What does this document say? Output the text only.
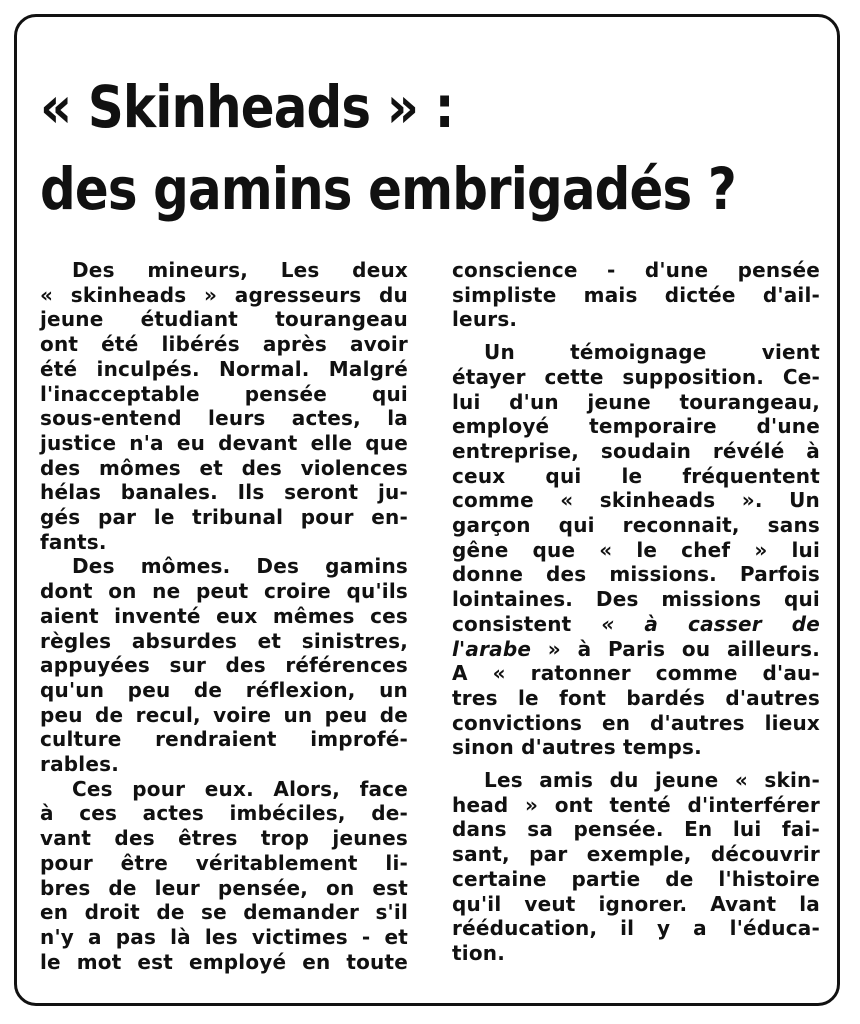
« Skinheads » :
des gamins embrigadés ?
Des mineurs, Les deux
« skinheads » agresseurs du
jeune étudiant tourangeau
ont été libérés après avoir
été inculpés. Normal. Malgré
l'inacceptable pensée qui
sous-entend leurs actes, la
justice n'a eu devant elle que
des mômes et des violences
hélas banales. Ils seront ju-
gés par le tribunal pour en-
fants.
Des mômes. Des gamins
dont on ne peut croire qu'ils
aient inventé eux mêmes ces
règles absurdes et sinistres,
appuyées sur des références
qu'un peu de réflexion, un
peu de recul, voire un peu de
culture rendraient improfé-
rables.
Ces pour eux. Alors, face
à ces actes imbéciles, de-
vant des êtres trop jeunes
pour être véritablement li-
bres de leur pensée, on est
en droit de se demander s'il
n'y a pas là les victimes - et
le mot est employé en toute
conscience - d'une pensée
simpliste mais dictée d'ail-
leurs.
Un témoignage vient
étayer cette supposition. Ce-
lui d'un jeune tourangeau,
employé temporaire d'une
entreprise, soudain révélé à
ceux qui le fréquentent
comme « skinheads ». Un
garçon qui reconnait, sans
gêne que « le chef » lui
donne des missions. Parfois
lointaines. Des missions qui
consistent « à casser de
l'arabe » à Paris ou ailleurs.
A « ratonner comme d'au-
tres le font bardés d'autres
convictions en d'autres lieux
sinon d'autres temps.
Les amis du jeune « skin-
head » ont tenté d'interférer
dans sa pensée. En lui fai-
sant, par exemple, découvrir
certaine partie de l'histoire
qu'il veut ignorer. Avant la
rééducation, il y a l'éduca-
tion.
